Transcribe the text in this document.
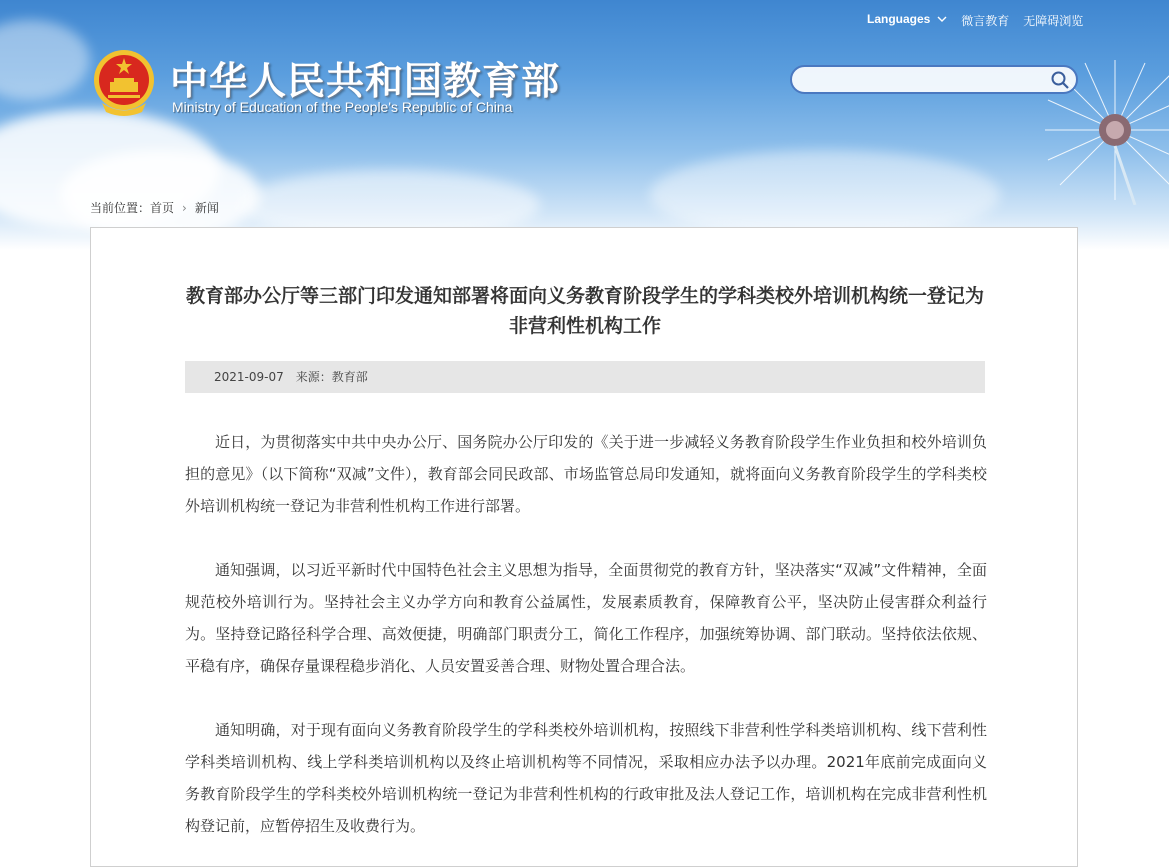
Languages	微言教育 无障碍浏览
中华人民共和国教育部
Ministry of Education of the People's Republic of China
当前位置：首页 › 新闻
教育部办公厅等三部门印发通知部署将面向义务教育阶段学生的学科类校外培训机构统一登记为非营利性机构工作
2021-09-07 来源：教育部

近日，为贯彻落实中共中央办公厅、国务院办公厅印发的《关于进一步减轻义务教育阶段学生作业负担和校外培训负担的意见》（以下简称“双减”文件），教育部会同民政部、市场监管总局印发通知，就将面向义务教育阶段学生的学科类校外培训机构统一登记为非营利性机构工作进行部署。

通知强调，以习近平新时代中国特色社会主义思想为指导，全面贯彻党的教育方针，坚决落实“双减”文件精神，全面规范校外培训行为。坚持社会主义办学方向和教育公益属性，发展素质教育，保障教育公平，坚决防止侵害群众利益行为。坚持登记路径科学合理、高效便捷，明确部门职责分工，简化工作程序，加强统筹协调、部门联动。坚持依法依规、平稳有序，确保存量课程稳步消化、人员安置妥善合理、财物处置合理合法。

通知明确，对于现有面向义务教育阶段学生的学科类校外培训机构，按照线下非营利性学科类培训机构、线下营利性学科类培训机构、线上学科类培训机构以及终止培训机构等不同情况，采取相应办法予以办理。2021年底前完成面向义务教育阶段学生的学科类校外培训机构统一登记为非营利性机构的行政审批及法人登记工作，培训机构在完成非营利性机构登记前，应暂停招生及收费行为。
